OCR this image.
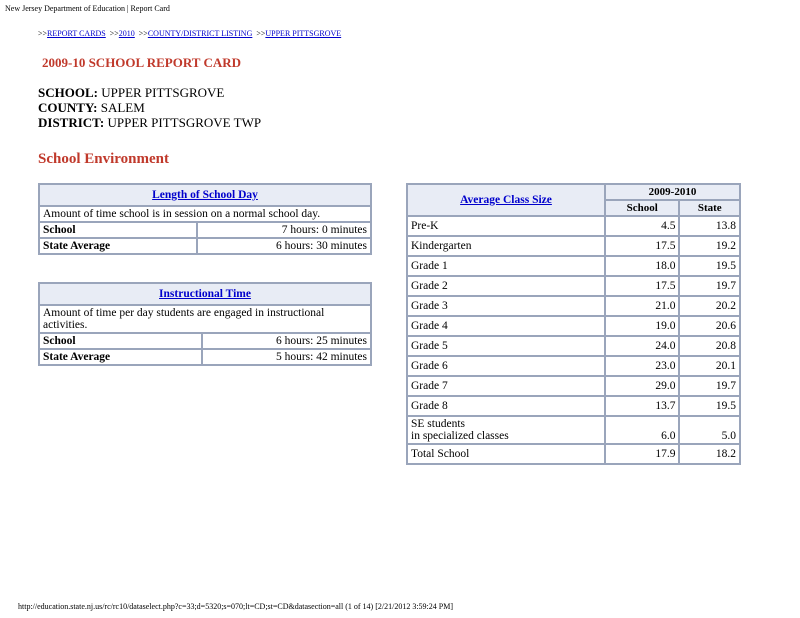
New Jersey Department of Education | Report Card
>>REPORT CARDS >>2010 >>COUNTY/DISTRICT LISTING >>UPPER PITTSGROVE
2009-10 SCHOOL REPORT CARD
SCHOOL: UPPER PITTSGROVE
COUNTY: SALEM
DISTRICT: UPPER PITTSGROVE TWP
School Environment
Length of School Day	
Amount of time school is in session on a normal school day.	
School	7 hours: 0 minutes
State Average	6 hours: 30 minutes
Instructional Time	
Amount of time per day students are engaged in instructional activities.	
School	6 hours: 25 minutes
State Average	5 hours: 42 minutes
Average Class Size	2009-2010	
	School	State
Pre-K	4.5	13.8
Kindergarten	17.5	19.2
Grade 1	18.0	19.5
Grade 2	17.5	19.7
Grade 3	21.0	20.2
Grade 4	19.0	20.6
Grade 5	24.0	20.8
Grade 6	23.0	20.1
Grade 7	29.0	19.7
Grade 8	13.7	19.5
SE students
in specialized classes	6.0	5.0
Total School	17.9	18.2
http://education.state.nj.us/rc/rc10/dataselect.php?c=33;d=5320;s=070;lt=CD;st=CD&datasection=all (1 of 14) [2/21/2012 3:59:24 PM]
